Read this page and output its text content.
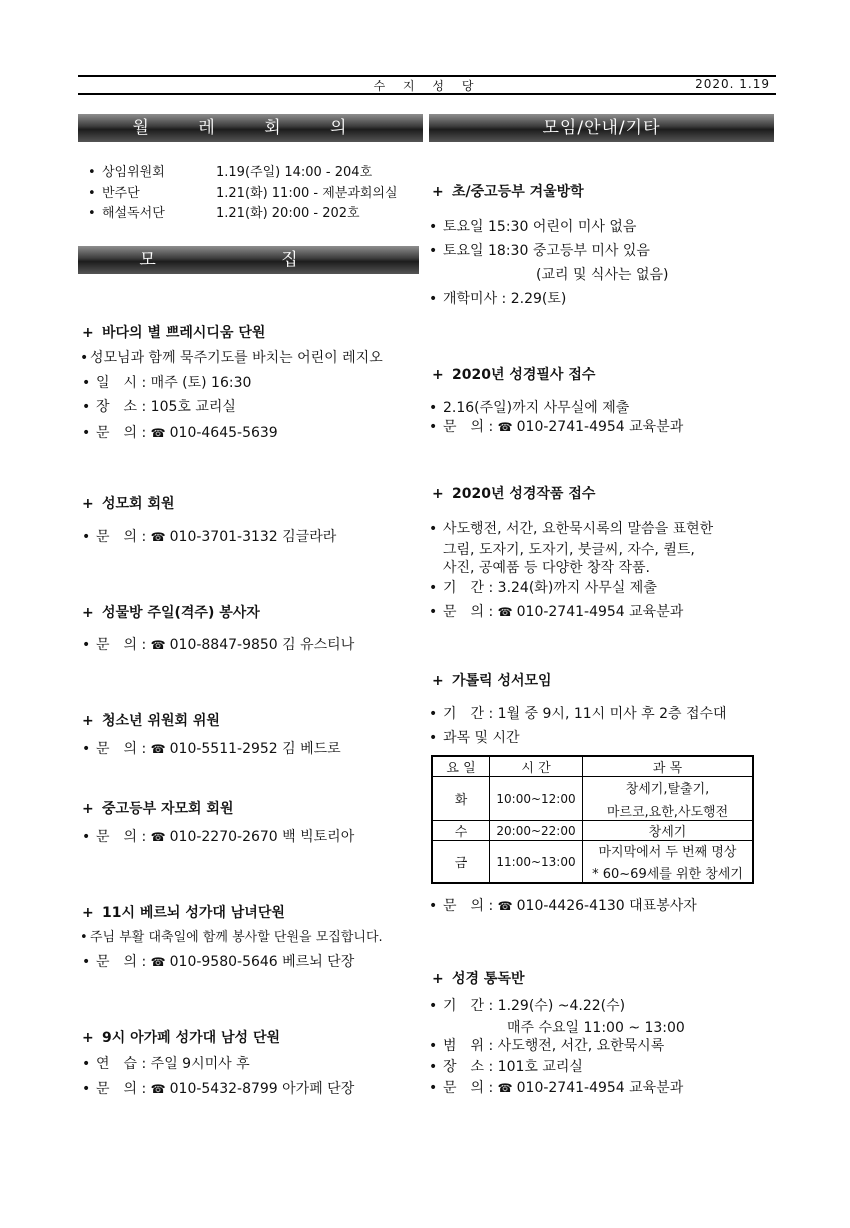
수 지 성 당	2020. 1.19
월 레 회 의
• 상임위원회	1.19(주일) 14:00 - 204호
• 반주단	1.21(화) 11:00 - 제분과회의실
• 해설독서단	1.21(화) 20:00 - 202호
모 집
+ 바다의 별 쁘레시디움 단원
• 성모님과 함께 묵주기도를 바치는 어린이 레지오
• 일　시 : 매주 (토) 16:30
• 장　소 : 105호 교리실
• 문　의 : ☎ 010-4645-5639
+ 성모회 회원
• 문　의 : ☎ 010-3701-3132 김글라라
+ 성물방 주일(격주) 봉사자
• 문　의 : ☎ 010-8847-9850 김 유스티나
+ 청소년 위원회 위원
• 문　의 : ☎ 010-5511-2952 김 베드로
+ 중고등부 자모회 회원
• 문　의 : ☎ 010-2270-2670 백 빅토리아
+ 11시 베르뇌 성가대 남녀단원
• 주님 부활 대축일에 함께 봉사할 단원을 모집합니다.
• 문　의 : ☎ 010-9580-5646 베르뇌 단장
+ 9시 아가페 성가대 남성 단원
• 연　습 : 주일 9시미사 후
• 문　의 : ☎ 010-5432-8799 아가페 단장
모임/안내/기타
+ 초/중고등부 겨울방학
• 토요일 15:30 어린이 미사 없음
• 토요일 18:30 중고등부 미사 있음
(교리 및 식사는 없음)
• 개학미사 : 2.29(토)
+ 2020년 성경필사 접수
• 2.16(주일)까지 사무실에 제출
• 문　의 : ☎ 010-2741-4954 교육분과
+ 2020년 성경작품 접수
• 사도행전, 서간, 요한묵시록의 말씀을 표현한
그림, 도자기, 도자기, 붓글씨, 자수, 퀼트,
사진, 공예품 등 다양한 창작 작품.
• 기　간 : 3.24(화)까지 사무실 제출
• 문　의 : ☎ 010-2741-4954 교육분과
+ 가톨릭 성서모임
• 기　간 : 1월 중 9시, 11시 미사 후 2층 접수대
• 과목 및 시간
요 일	시 간	과 목
화	10:00~12:00	창세기,탈출기,
마르코,요한,사도행전

수	20:00~22:00	창세기
금	11:00~13:00	마지막에서 두 번째 명상
* 60~69세를 위한 창세기
• 문　의 : ☎ 010-4426-4130 대표봉사자
+ 성경 통독반
• 기　간 : 1.29(수) ~4.22(수)
매주 수요일 11:00 ~ 13:00
• 범　위 : 사도행전, 서간, 요한묵시록
• 장　소 : 101호 교리실
• 문　의 : ☎ 010-2741-4954 교육분과
